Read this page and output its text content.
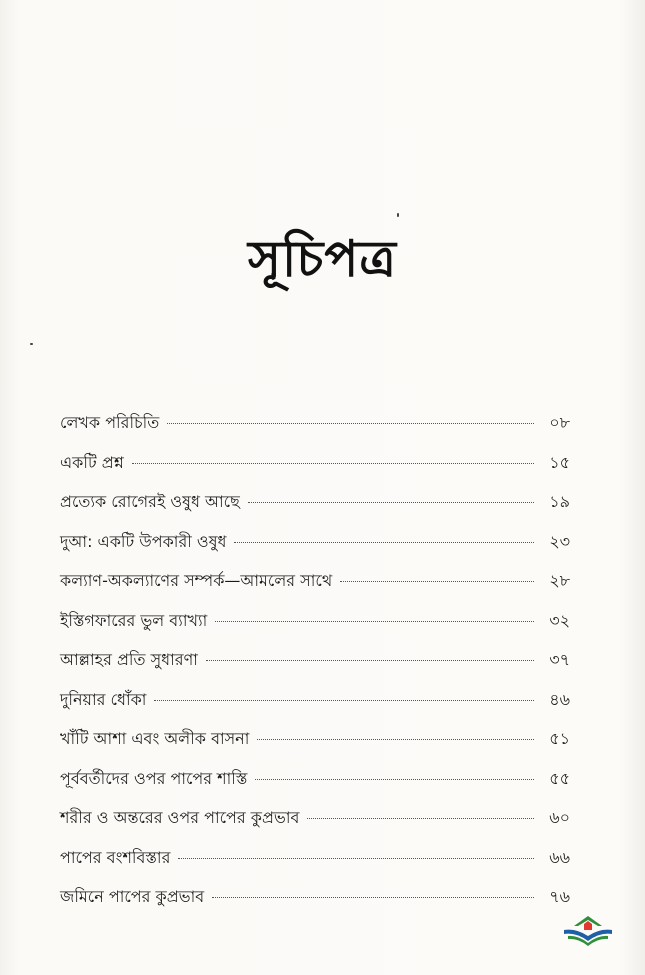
সূচিপত্র
লেখক পরিচিতি	০৮
একটি প্রশ্ন	১৫
প্রত্যেক রোগেরই ওষুধ আছে	১৯
দুআ: একটি উপকারী ওষুধ	২৩
কল্যাণ-অকল্যাণের সম্পর্ক—আমলের সাথে	২৮
ইস্তিগফারের ভুল ব্যাখ্যা	৩২
আল্লাহর প্রতি সুধারণা	৩৭
দুনিয়ার ধোঁকা	৪৬
খাঁটি আশা এবং অলীক বাসনা	৫১
পূর্ববর্তীদের ওপর পাপের শাস্তি	৫৫
শরীর ও অন্তরের ওপর পাপের কুপ্রভাব	৬০
পাপের বংশবিস্তার	৬৬
জমিনে পাপের কুপ্রভাব	৭৬
